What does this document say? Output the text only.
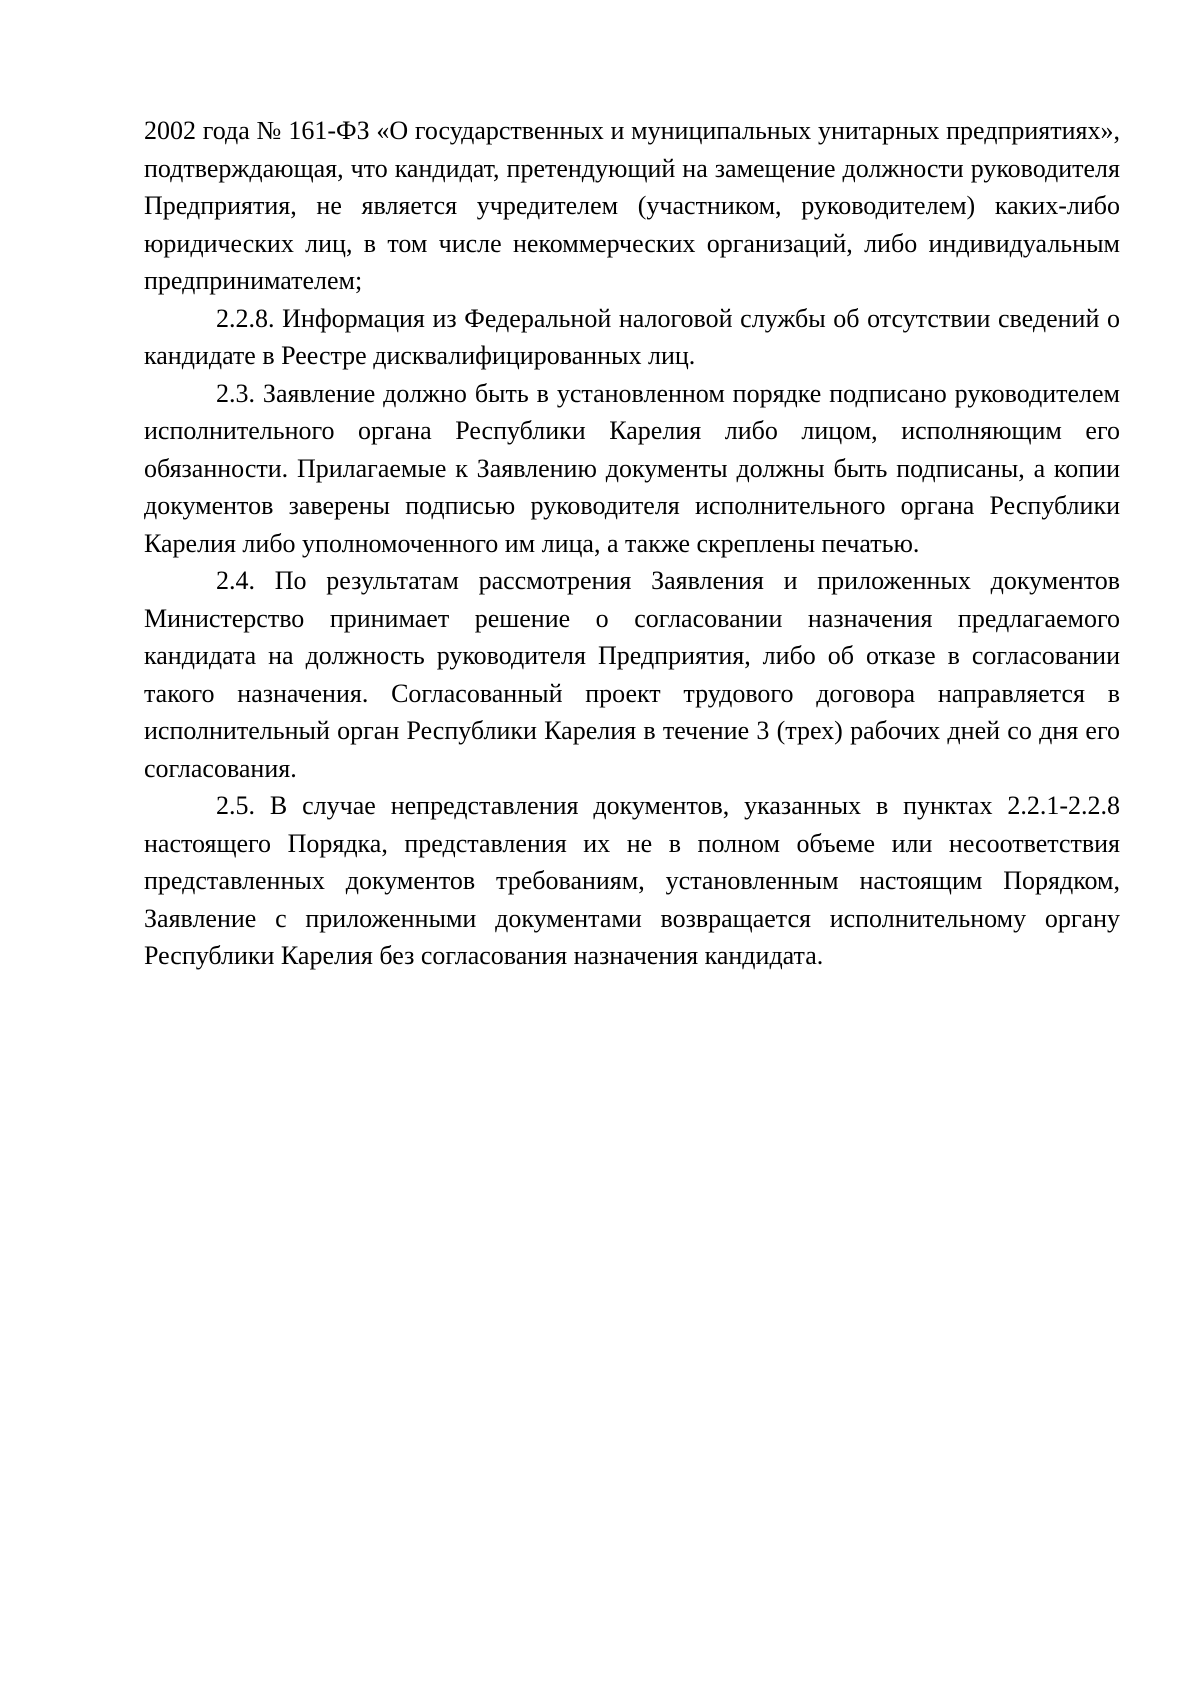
2002 года № 161-ФЗ «О государственных и муниципальных унитарных предприятиях», подтверждающая, что кандидат, претендующий на замещение должности руководителя Предприятия, не является учредителем (участником, руководителем) каких-либо юридических лиц, в том числе некоммерческих организаций, либо индивидуальным предпринимателем;

2.2.8. Информация из Федеральной налоговой службы об отсутствии сведений о кандидате в Реестре дисквалифицированных лиц.

2.3. Заявление должно быть в установленном порядке подписано руководителем исполнительного органа Республики Карелия либо лицом, исполняющим его обязанности. Прилагаемые к Заявлению документы должны быть подписаны, а копии документов заверены подписью руководителя исполнительного органа Республики Карелия либо уполномоченного им лица, а также скреплены печатью.

2.4. По результатам рассмотрения Заявления и приложенных документов Министерство принимает решение о согласовании назначения предлагаемого кандидата на должность руководителя Предприятия, либо об отказе в согласовании такого назначения. Согласованный проект трудового договора направляется в исполнительный орган Республики Карелия в течение 3 (трех) рабочих дней со дня его согласования.

2.5. В случае непредставления документов, указанных в пунктах 2.2.1-2.2.8 настоящего Порядка, представления их не в полном объеме или несоответствия представленных документов требованиям, установленным настоящим Порядком, Заявление с приложенными документами возвращается исполнительному органу Республики Карелия без согласования назначения кандидата.
